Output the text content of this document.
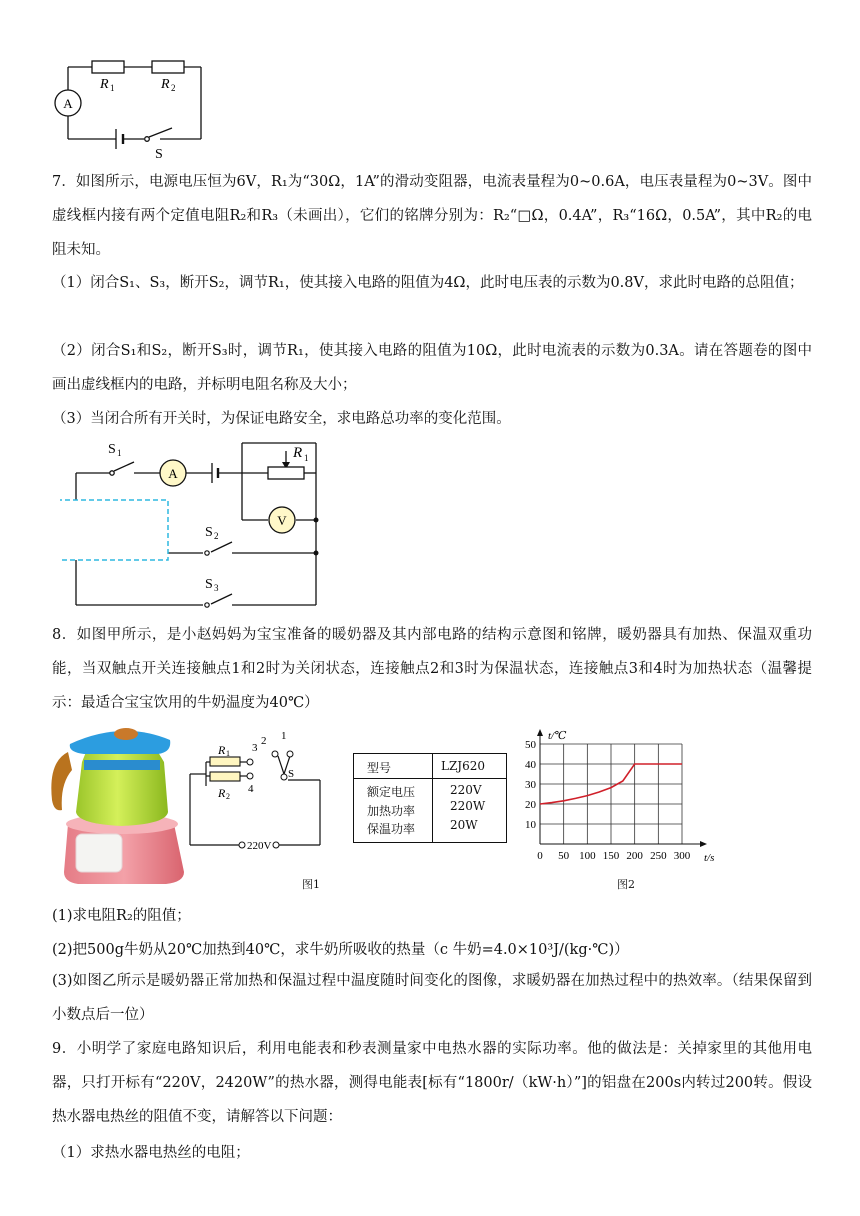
A
R 1	R 2
S

7．如图所示，电源电压恒为6V，R₁为“30Ω，1A”的滑动变阻器，电流表量程为0~0.6A，电压表量程为0~3V。图中虚线框内接有两个定值电阻R₂和R₃（未画出），它们的铭牌分别为：R₂“□Ω，0.4A”，R₃“16Ω，0.5A”，其中R₂的电阻未知。

（1）闭合S₁、S₃，断开S₂，调节R₁，使其接入电路的阻值为4Ω，此时电压表的示数为0.8V，求此时电路的总阻值；

（2）闭合S₁和S₂，断开S₃时，调节R₁，使其接入电路的阻值为10Ω，此时电流表的示数为0.3A。请在答题卷的图中画出虚线框内的电路，并标明电阻名称及大小；

（3）当闭合所有开关时，为保证电路安全，求电路总功率的变化范围。

A
V
S 1	R 1
S 2
S 3

8．如图甲所示，是小赵妈妈为宝宝准备的暖奶器及其内部电路的结构示意图和铭牌，暖奶器具有加热、保温双重功能，当双触点开关连接触点1和2时为关闭状态，连接触点2和3时为保温状态，连接触点3和4时为加热状态（温馨提示：最适合宝宝饮用的牛奶温度为40℃）

R 1
R 2
3
2 1
4
S
220V
型号	LZJ620
额定电压	220V
加热功率	220W
保温功率	20W
图1	图2
10
20
30
40
50
0 50 100 150 200 250 300
t/℃
t/s
(1)求电阻R₂的阻值；
(2)把500g牛奶从20℃加热到40℃，求牛奶所吸收的热量（c 牛奶=4.0×10³J/(kg·℃)）

(3)如图乙所示是暖奶器正常加热和保温过程中温度随时间变化的图像，求暖奶器在加热过程中的热效率。（结果保留到小数点后一位）

9．小明学了家庭电路知识后，利用电能表和秒表测量家中电热水器的实际功率。他的做法是：关掉家里的其他用电器，只打开标有“220V，2420W”的热水器，测得电能表[标有“1800r/（kW·h）”]的铝盘在200s内转过200转。假设热水器电热丝的阻值不变，请解答以下问题：

（1）求热水器电热丝的电阻；
